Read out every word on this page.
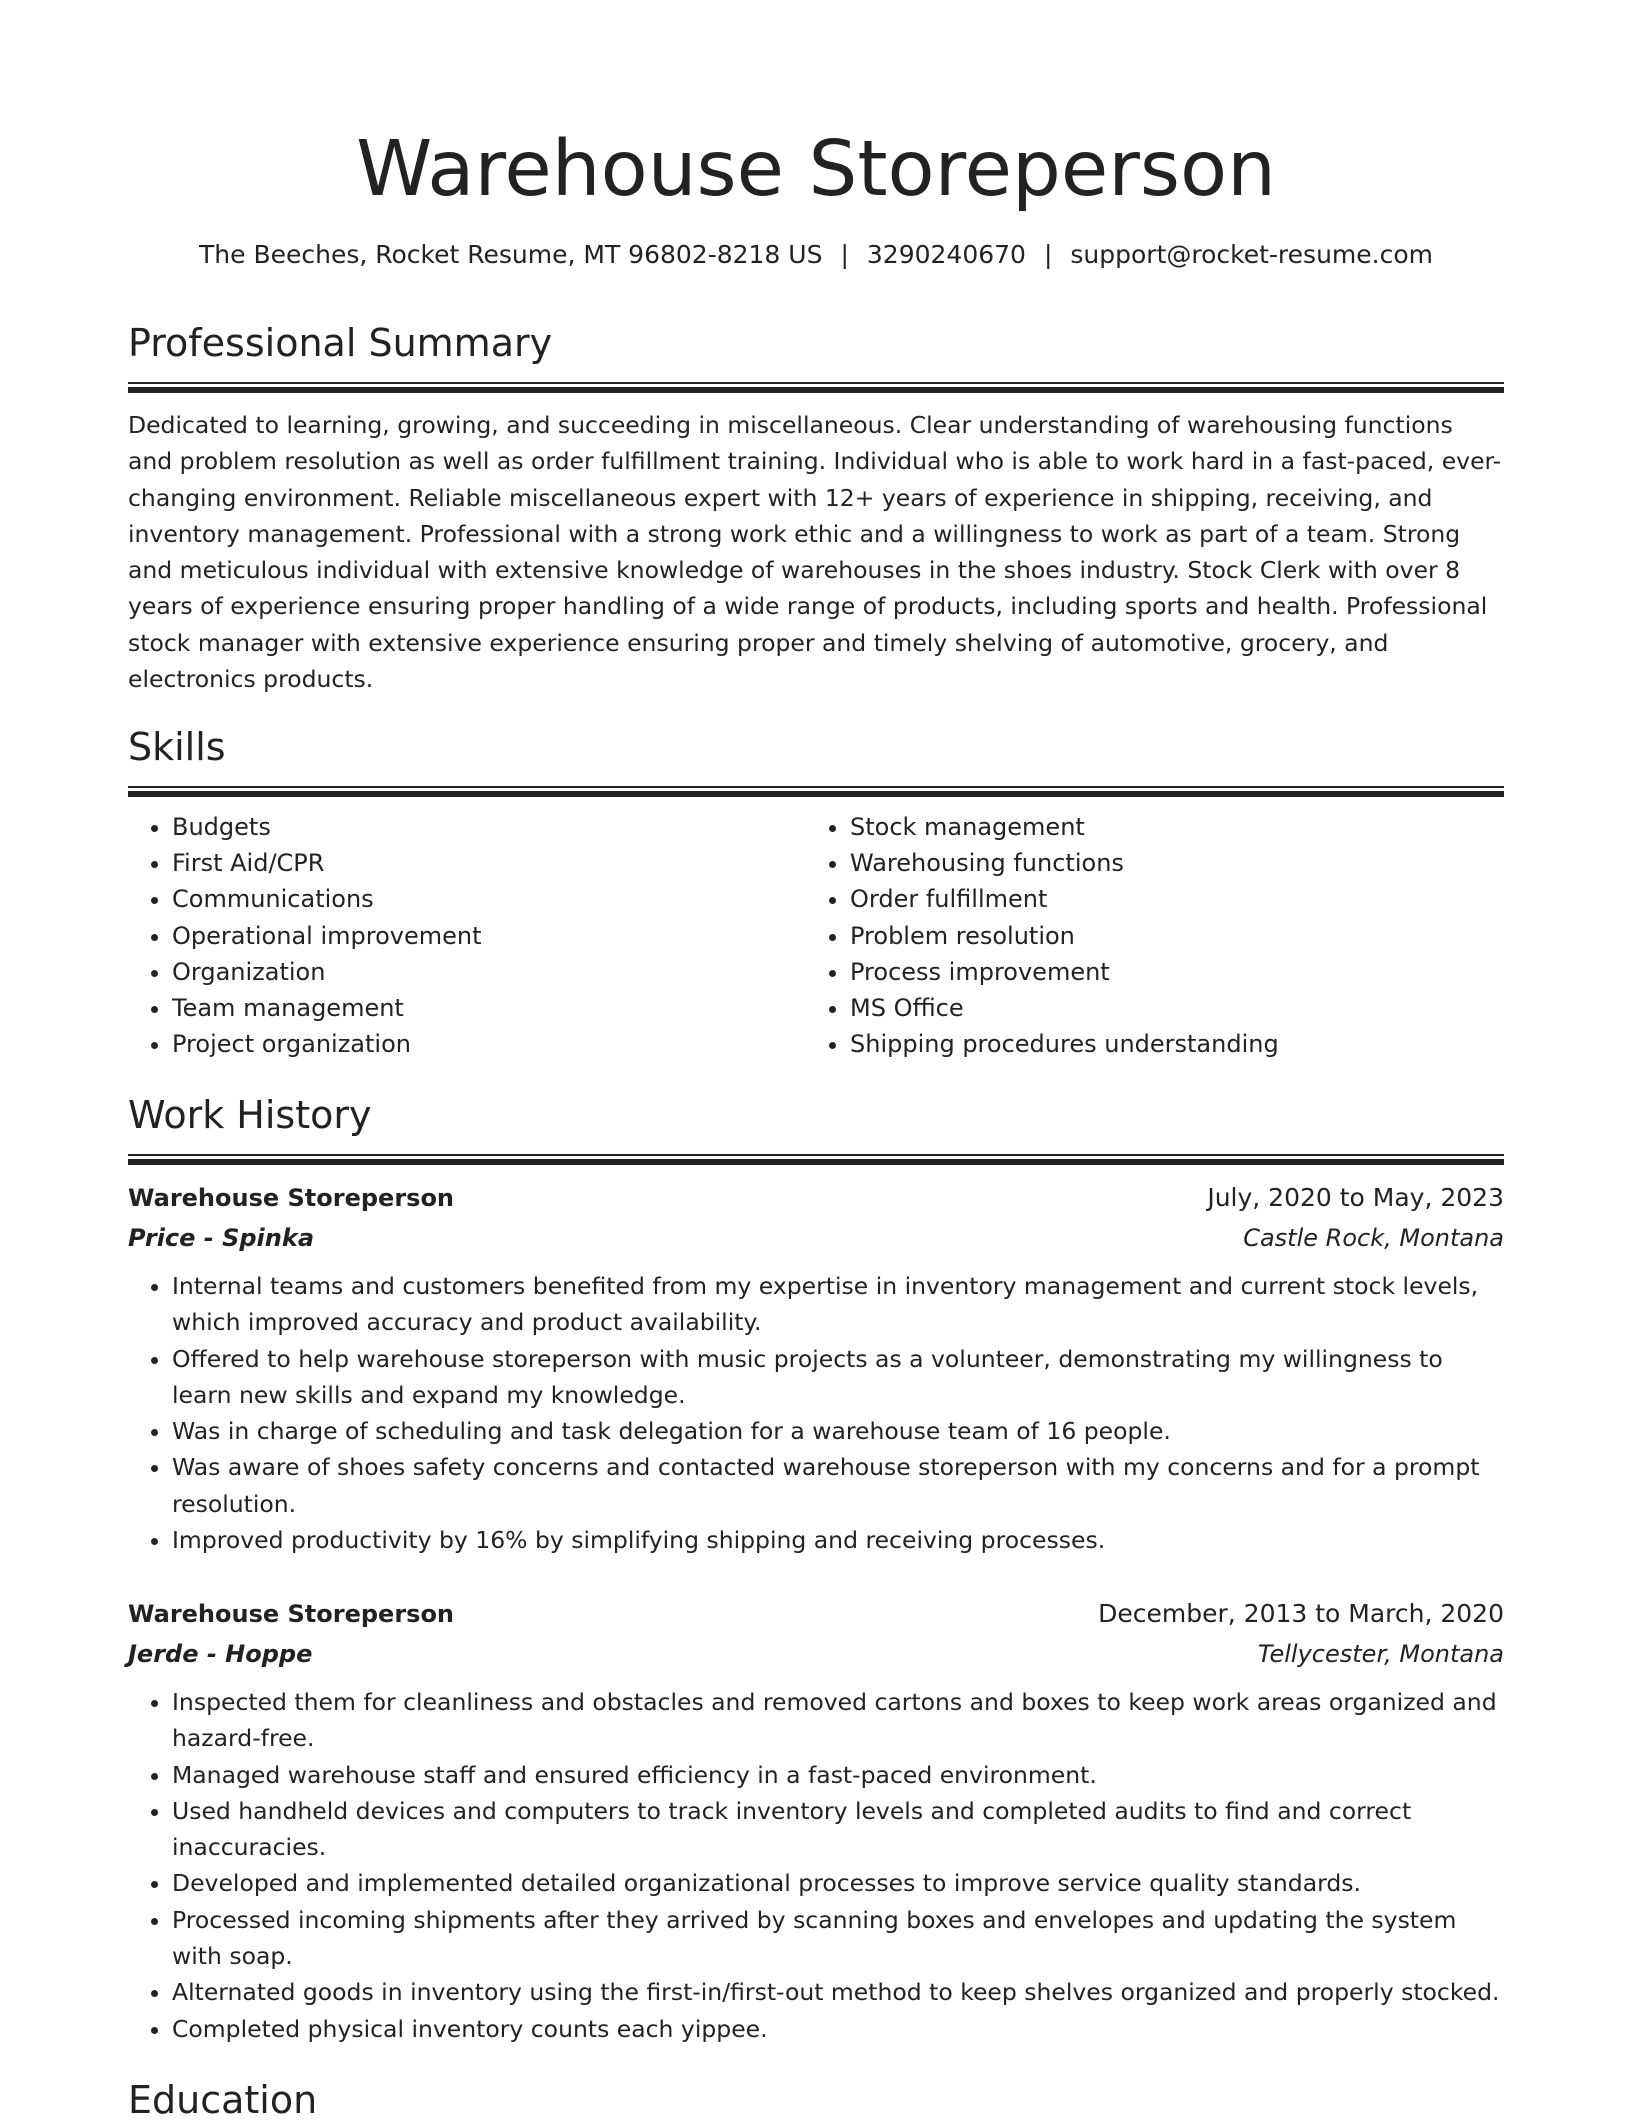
Warehouse Storeperson
The Beeches, Rocket Resume, MT 96802-8218 US | 3290240670 | support@rocket-resume.com
Professional Summary
Dedicated to learning, growing, and succeeding in miscellaneous. Clear understanding of warehousing functions and problem resolution as well as order fulfillment training. Individual who is able to work hard in a fast-paced, ever-changing environment. Reliable miscellaneous expert with 12+ years of experience in shipping, receiving, and inventory management. Professional with a strong work ethic and a willingness to work as part of a team. Strong and meticulous individual with extensive knowledge of warehouses in the shoes industry. Stock Clerk with over 8 years of experience ensuring proper handling of a wide range of products, including sports and health. Professional stock manager with extensive experience ensuring proper and timely shelving of automotive, grocery, and electronics products.
Skills
• Budgets
• First Aid/CPR
• Communications
• Operational improvement
• Organization
• Team management
• Project organization
• Stock management
• Warehousing functions
• Order fulfillment
• Problem resolution
• Process improvement
• MS Office
• Shipping procedures understanding
Work History
Warehouse Storeperson	July, 2020 to May, 2023
Price - Spinka	Castle Rock, Montana
• Internal teams and customers benefited from my expertise in inventory management and current stock levels, which improved accuracy and product availability.
• Offered to help warehouse storeperson with music projects as a volunteer, demonstrating my willingness to learn new skills and expand my knowledge.
• Was in charge of scheduling and task delegation for a warehouse team of 16 people.
• Was aware of shoes safety concerns and contacted warehouse storeperson with my concerns and for a prompt resolution.
• Improved productivity by 16% by simplifying shipping and receiving processes.
Warehouse Storeperson	December, 2013 to March, 2020
Jerde - Hoppe	Tellycester, Montana
• Inspected them for cleanliness and obstacles and removed cartons and boxes to keep work areas organized and hazard-free.
• Managed warehouse staff and ensured efficiency in a fast-paced environment.
• Used handheld devices and computers to track inventory levels and completed audits to find and correct inaccuracies.
• Developed and implemented detailed organizational processes to improve service quality standards.
• Processed incoming shipments after they arrived by scanning boxes and envelopes and updating the system with soap.
• Alternated goods in inventory using the first-in/first-out method to keep shelves organized and properly stocked.
• Completed physical inventory counts each yippee.
Education
